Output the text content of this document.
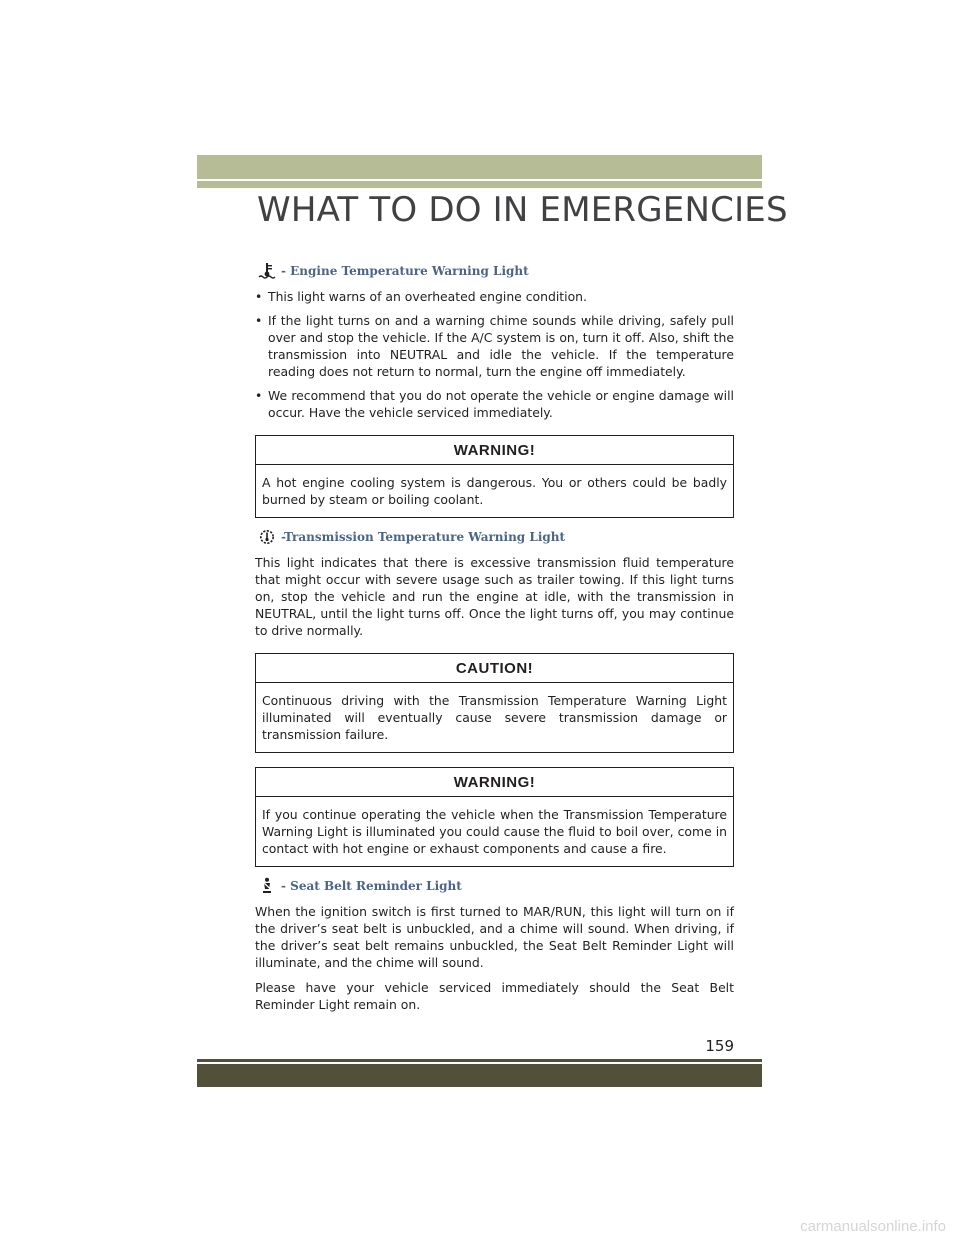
WHAT TO DO IN EMERGENCIES
- Engine Temperature Warning Light
• This light warns of an overheated engine condition.
• If the light turns on and a warning chime sounds while driving, safely pull over and stop the vehicle. If the A/C system is on, turn it off. Also, shift the transmission into NEUTRAL and idle the vehicle. If the temperature reading does not return to normal, turn the engine off immediately.
• We recommend that you do not operate the vehicle or engine damage will occur. Have the vehicle serviced immediately.
WARNING!
A hot engine cooling system is dangerous. You or others could be badly burned by steam or boiling coolant.
-Transmission Temperature Warning Light

This light indicates that there is excessive transmission fluid temperature that might occur with severe usage such as trailer towing. If this light turns on, stop the vehicle and run the engine at idle, with the transmission in NEUTRAL, until the light turns off. Once the light turns off, you may continue to drive normally.

CAUTION!
Continuous driving with the Transmission Temperature Warning Light illuminated will eventually cause severe transmission damage or transmission failure.
WARNING!
If you continue operating the vehicle when the Transmission Temperature Warning Light is illuminated you could cause the fluid to boil over, come in contact with hot engine or exhaust components and cause a fire.
- Seat Belt Reminder Light

When the ignition switch is first turned to MAR/RUN, this light will turn on if the driver’s seat belt is unbuckled, and a chime will sound. When driving, if the driver’s seat belt remains unbuckled, the Seat Belt Reminder Light will illuminate, and the chime will sound.

Please have your vehicle serviced immediately should the Seat Belt Reminder Light remain on.

159
carmanualsonline.info
